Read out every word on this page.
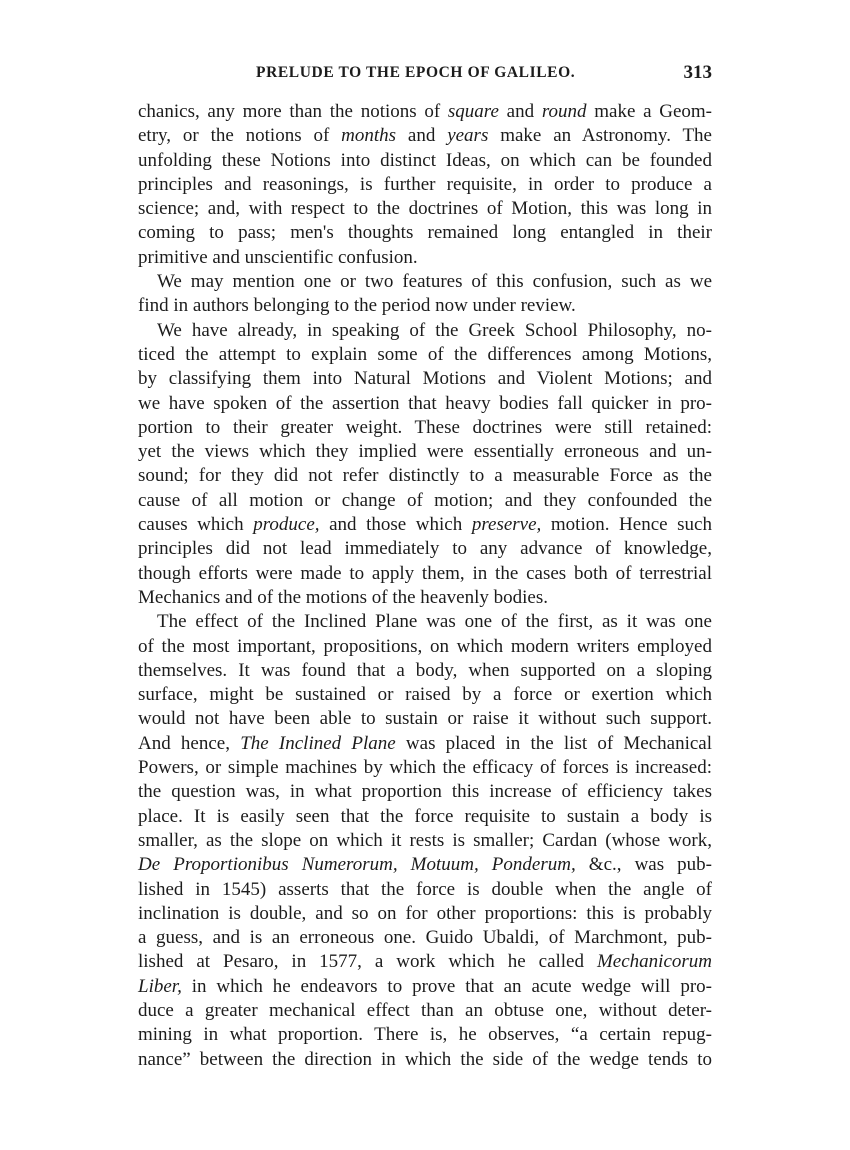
PRELUDE TO THE EPOCH OF GALILEO.	313
chanics, any more than the notions of square and round make a Geom-
etry, or the notions of months and years make an Astronomy. The
unfolding these Notions into distinct Ideas, on which can be founded
principles and reasonings, is further requisite, in order to produce a
science; and, with respect to the doctrines of Motion, this was long in
coming to pass; men's thoughts remained long entangled in their
primitive and unscientific confusion.
We may mention one or two features of this confusion, such as we
find in authors belonging to the period now under review.
We have already, in speaking of the Greek School Philosophy, no-
ticed the attempt to explain some of the differences among Motions,
by classifying them into Natural Motions and Violent Motions; and
we have spoken of the assertion that heavy bodies fall quicker in pro-
portion to their greater weight. These doctrines were still retained:
yet the views which they implied were essentially erroneous and un-
sound; for they did not refer distinctly to a measurable Force as the
cause of all motion or change of motion; and they confounded the
causes which produce, and those which preserve, motion. Hence such
principles did not lead immediately to any advance of knowledge,
though efforts were made to apply them, in the cases both of terrestrial
Mechanics and of the motions of the heavenly bodies.
The effect of the Inclined Plane was one of the first, as it was one
of the most important, propositions, on which modern writers employed
themselves. It was found that a body, when supported on a sloping
surface, might be sustained or raised by a force or exertion which
would not have been able to sustain or raise it without such support.
And hence, The Inclined Plane was placed in the list of Mechanical
Powers, or simple machines by which the efficacy of forces is increased:
the question was, in what proportion this increase of efficiency takes
place. It is easily seen that the force requisite to sustain a body is
smaller, as the slope on which it rests is smaller; Cardan (whose work,
De Proportionibus Numerorum, Motuum, Ponderum, &c., was pub-
lished in 1545) asserts that the force is double when the angle of
inclination is double, and so on for other proportions: this is probably
a guess, and is an erroneous one. Guido Ubaldi, of Marchmont, pub-
lished at Pesaro, in 1577, a work which he called Mechanicorum
Liber, in which he endeavors to prove that an acute wedge will pro-
duce a greater mechanical effect than an obtuse one, without deter-
mining in what proportion. There is, he observes, “a certain repug-
nance” between the direction in which the side of the wedge tends to
